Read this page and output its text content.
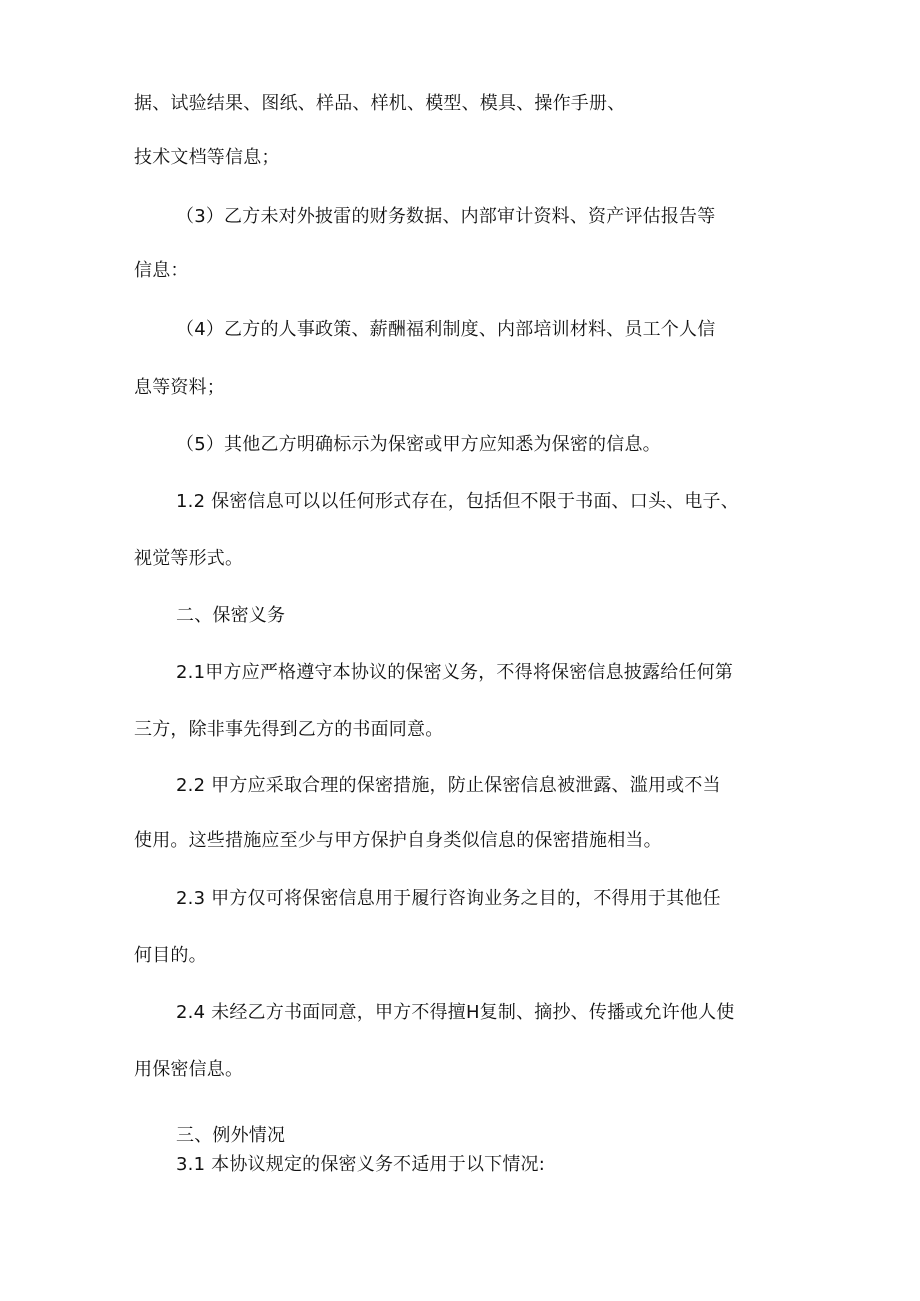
据、试验结果、图纸、样品、样机、模型、模具、操作手册、
技术文档等信息；
（3）乙方未对外披雷的财务数据、内部审计资料、资产评估报告等
信息：
（4）乙方的人事政策、薪酬福利制度、内部培训材料、员工个人信
息等资料；
（5）其他乙方明确标示为保密或甲方应知悉为保密的信息。
1.2 保密信息可以以任何形式存在，包括但不限于书面、口头、电子、
视觉等形式。
二、保密义务
2.1甲方应严格遵守本协议的保密义务，不得将保密信息披露给任何第
三方，除非事先得到乙方的书面同意。
2.2 甲方应采取合理的保密措施，防止保密信息被泄露、滥用或不当
使用。这些措施应至少与甲方保护自身类似信息的保密措施相当。
2.3 甲方仅可将保密信息用于履行咨询业务之目的，不得用于其他任
何目的。
2.4 未经乙方书面同意，甲方不得擅H复制、摘抄、传播或允许他人使
用保密信息。
三、例外情况
3.1 本协议规定的保密义务不适用于以下情况:
